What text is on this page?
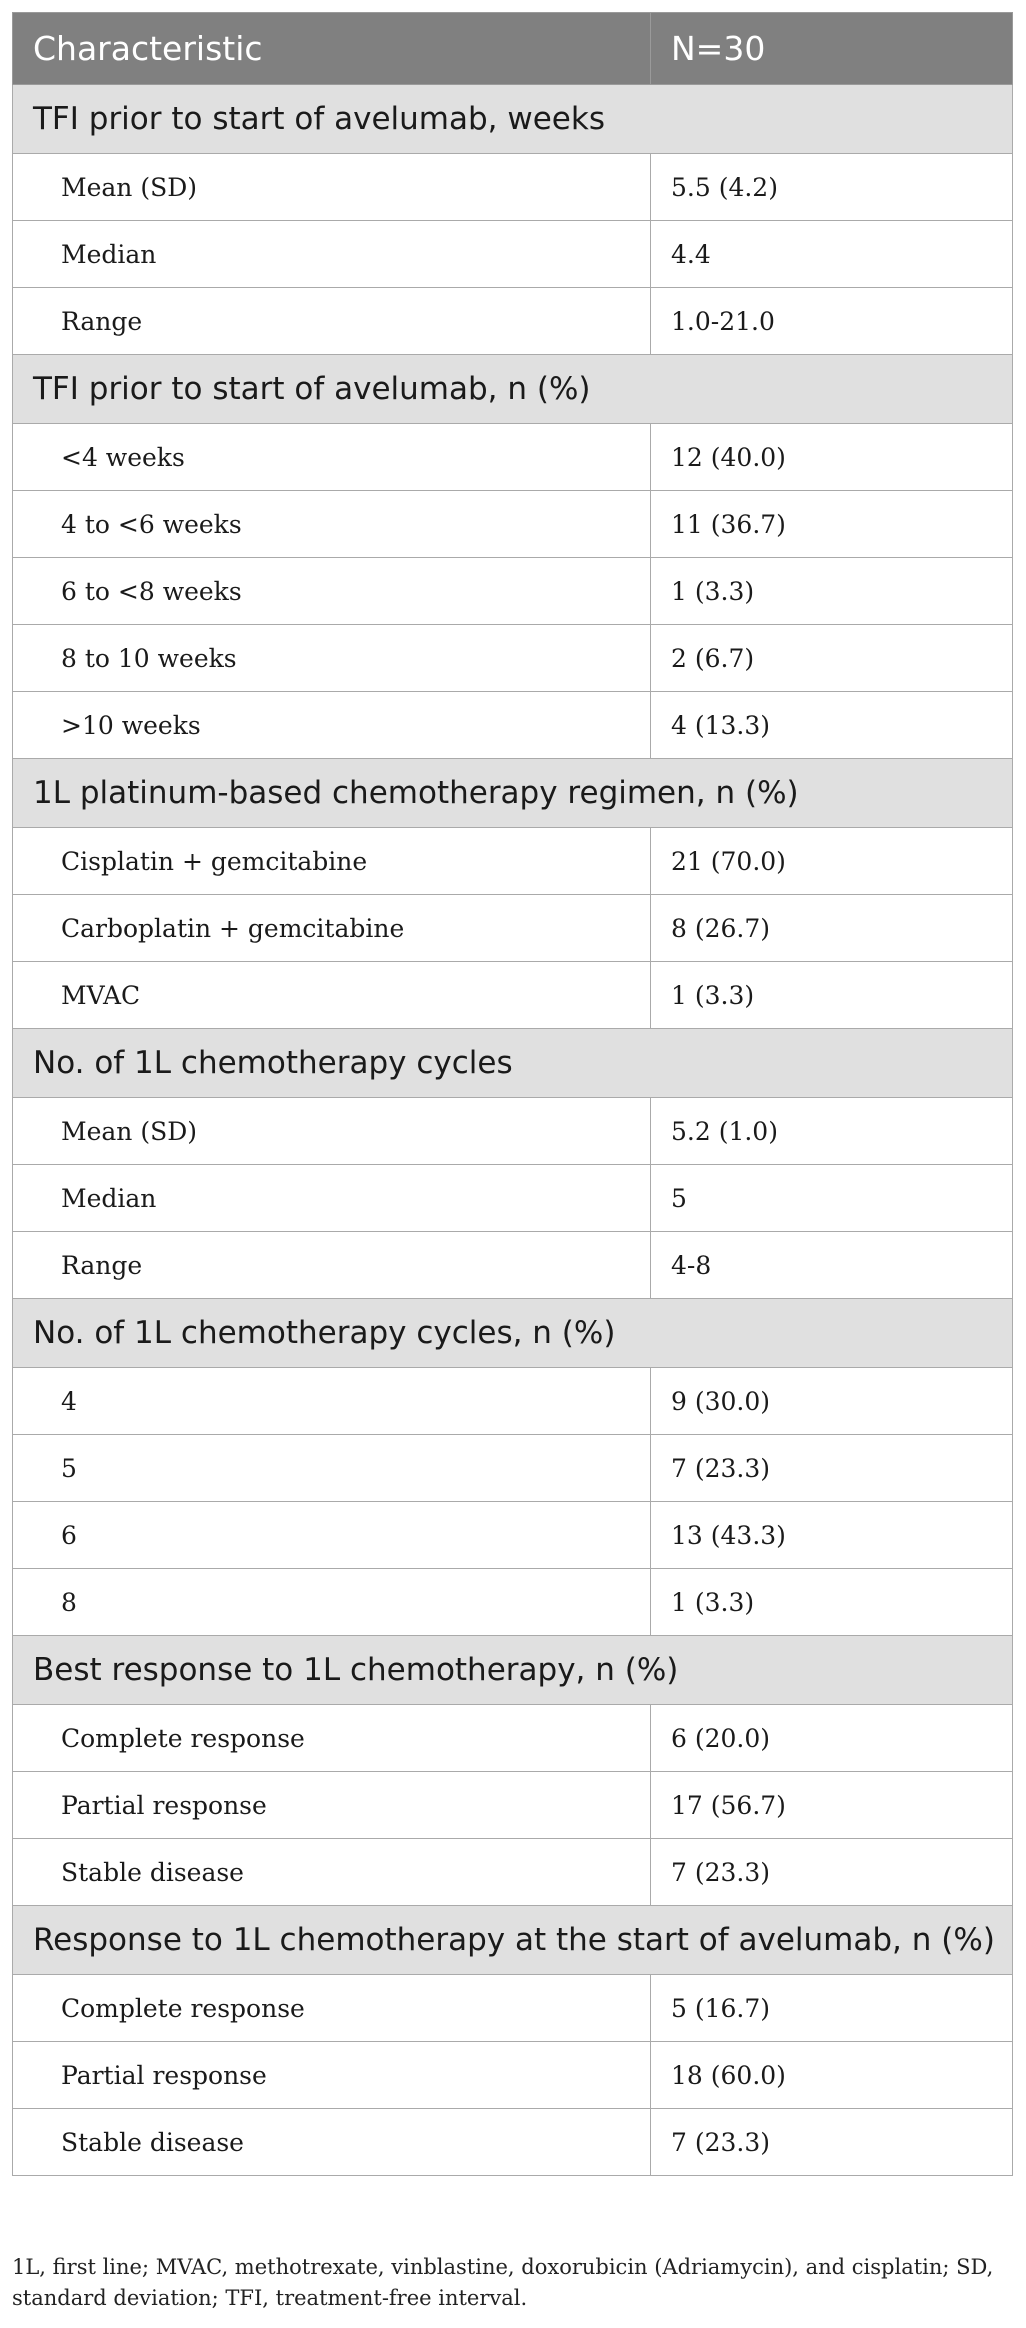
Characteristic	N=30
TFI prior to start of avelumab, weeks	
Mean (SD)	5.5 (4.2)
Median	4.4
Range	1.0-21.0
TFI prior to start of avelumab, n (%)	
<4 weeks	12 (40.0)
4 to <6 weeks	11 (36.7)
6 to <8 weeks	1 (3.3)
8 to 10 weeks	2 (6.7)
>10 weeks	4 (13.3)
1L platinum-based chemotherapy regimen, n (%)	
Cisplatin + gemcitabine	21 (70.0)
Carboplatin + gemcitabine	8 (26.7)
MVAC	1 (3.3)
No. of 1L chemotherapy cycles	
Mean (SD)	5.2 (1.0)
Median	5
Range	4-8
No. of 1L chemotherapy cycles, n (%)	
4	9 (30.0)
5	7 (23.3)
6	13 (43.3)
8	1 (3.3)
Best response to 1L chemotherapy, n (%)	
Complete response	6 (20.0)
Partial response	17 (56.7)
Stable disease	7 (23.3)
Response to 1L chemotherapy at the start of avelumab, n (%)	
Complete response	5 (16.7)
Partial response	18 (60.0)
Stable disease	7 (23.3)
1L, first line; MVAC, methotrexate, vinblastine, doxorubicin (Adriamycin), and cisplatin; SD, standard deviation; TFI, treatment-free interval.
